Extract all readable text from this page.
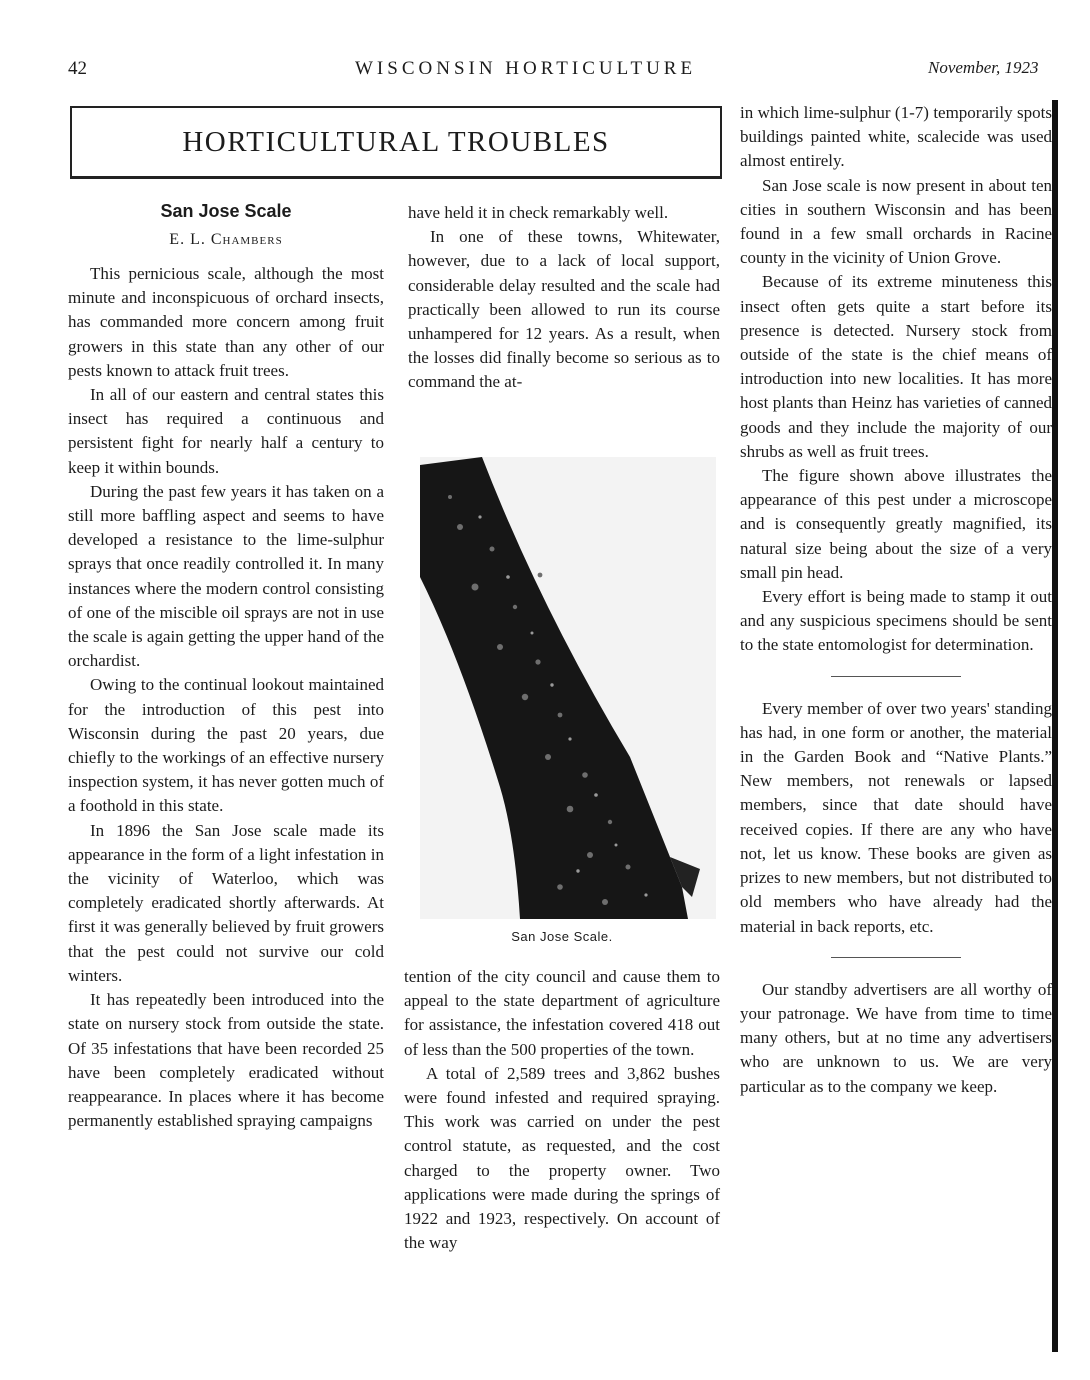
42	WISCONSIN HORTICULTURE	November, 1923
HORTICULTURAL TROUBLES
San Jose Scale
E. L. Chambers

This pernicious scale, although the most minute and inconspicuous of orchard insects, has commanded more concern among fruit growers in this state than any other of our pests known to attack fruit trees.

In all of our eastern and central states this insect has required a continuous and persistent fight for nearly half a century to keep it within bounds.

During the past few years it has taken on a still more baffling aspect and seems to have developed a resistance to the lime-sulphur sprays that once readily controlled it. In many instances where the modern control consisting of one of the miscible oil sprays are not in use the scale is again getting the upper hand of the orchardist.

Owing to the continual lookout maintained for the introduction of this pest into Wisconsin during the past 20 years, due chiefly to the workings of an effective nursery inspection system, it has never gotten much of a foothold in this state.

In 1896 the San Jose scale made its appearance in the form of a light infestation in the vicinity of Waterloo, which was completely eradicated shortly afterwards. At first it was generally believed by fruit growers that the pest could not survive our cold winters.

It has repeatedly been introduced into the state on nursery stock from outside the state. Of 35 infestations that have been recorded 25 have been completely eradicated without reappearance. In places where it has become permanently established spraying campaigns

have held it in check remarkably well.

In one of these towns, Whitewater, however, due to a lack of local support, considerable delay resulted and the scale had practically been allowed to run its course unhampered for 12 years. As a result, when the losses did finally become so serious as to command the at-

San Jose Scale.

tention of the city council and cause them to appeal to the state department of agriculture for assistance, the infestation covered 418 out of less than the 500 properties of the town.

A total of 2,589 trees and 3,862 bushes were found infested and required spraying. This work was carried on under the pest control statute, as requested, and the cost charged to the property owner. Two applications were made during the springs of 1922 and 1923, respectively. On account of the way

in which lime-sulphur (1-7) temporarily spots buildings painted white, scalecide was used almost entirely.

San Jose scale is now present in about ten cities in southern Wisconsin and has been found in a few small orchards in Racine county in the vicinity of Union Grove.

Because of its extreme minuteness this insect often gets quite a start before its presence is detected. Nursery stock from outside of the state is the chief means of introduction into new localities. It has more host plants than Heinz has varieties of canned goods and they include the majority of our shrubs as well as fruit trees.

The figure shown above illustrates the appearance of this pest under a microscope and is consequently greatly magnified, its natural size being about the size of a very small pin head.

Every effort is being made to stamp it out and any suspicious specimens should be sent to the state entomologist for determination.

Every member of over two years' standing has had, in one form or another, the material in the Garden Book and “Native Plants.” New members, not renewals or lapsed members, since that date should have received copies. If there are any who have not, let us know. These books are given as prizes to new members, but not distributed to old members who have already had the material in back reports, etc.

Our standby advertisers are all worthy of your patronage. We have from time to time many others, but at no time any advertisers who are unknown to us. We are very particular as to the company we keep.
